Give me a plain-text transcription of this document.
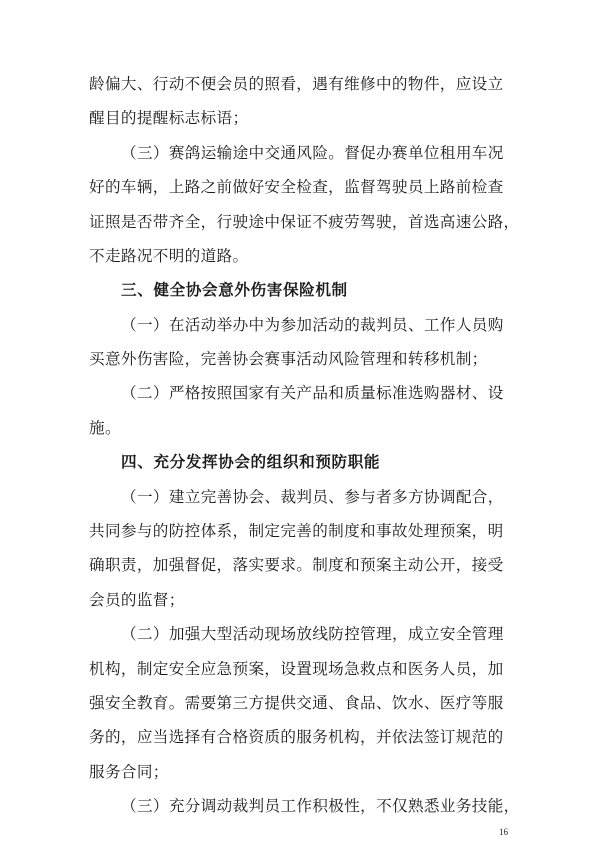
龄偏大、行动不便会员的照看，遇有维修中的物件，应设立
醒目的提醒标志标语；
（三）赛鸽运输途中交通风险。督促办赛单位租用车况
好的车辆，上路之前做好安全检查，监督驾驶员上路前检查
证照是否带齐全，行驶途中保证不疲劳驾驶，首选高速公路，
不走路况不明的道路。
三、健全协会意外伤害保险机制
（一）在活动举办中为参加活动的裁判员、工作人员购
买意外伤害险，完善协会赛事活动风险管理和转移机制；
（二）严格按照国家有关产品和质量标准选购器材、设
施。
四、充分发挥协会的组织和预防职能
（一）建立完善协会、裁判员、参与者多方协调配合，
共同参与的防控体系，制定完善的制度和事故处理预案，明
确职责，加强督促，落实要求。制度和预案主动公开，接受
会员的监督；
（二）加强大型活动现场放线防控管理，成立安全管理
机构，制定安全应急预案，设置现场急救点和医务人员，加
强安全教育。需要第三方提供交通、食品、饮水、医疗等服
务的，应当选择有合格资质的服务机构，并依法签订规范的
服务合同；
（三）充分调动裁判员工作积极性，不仅熟悉业务技能，
16
